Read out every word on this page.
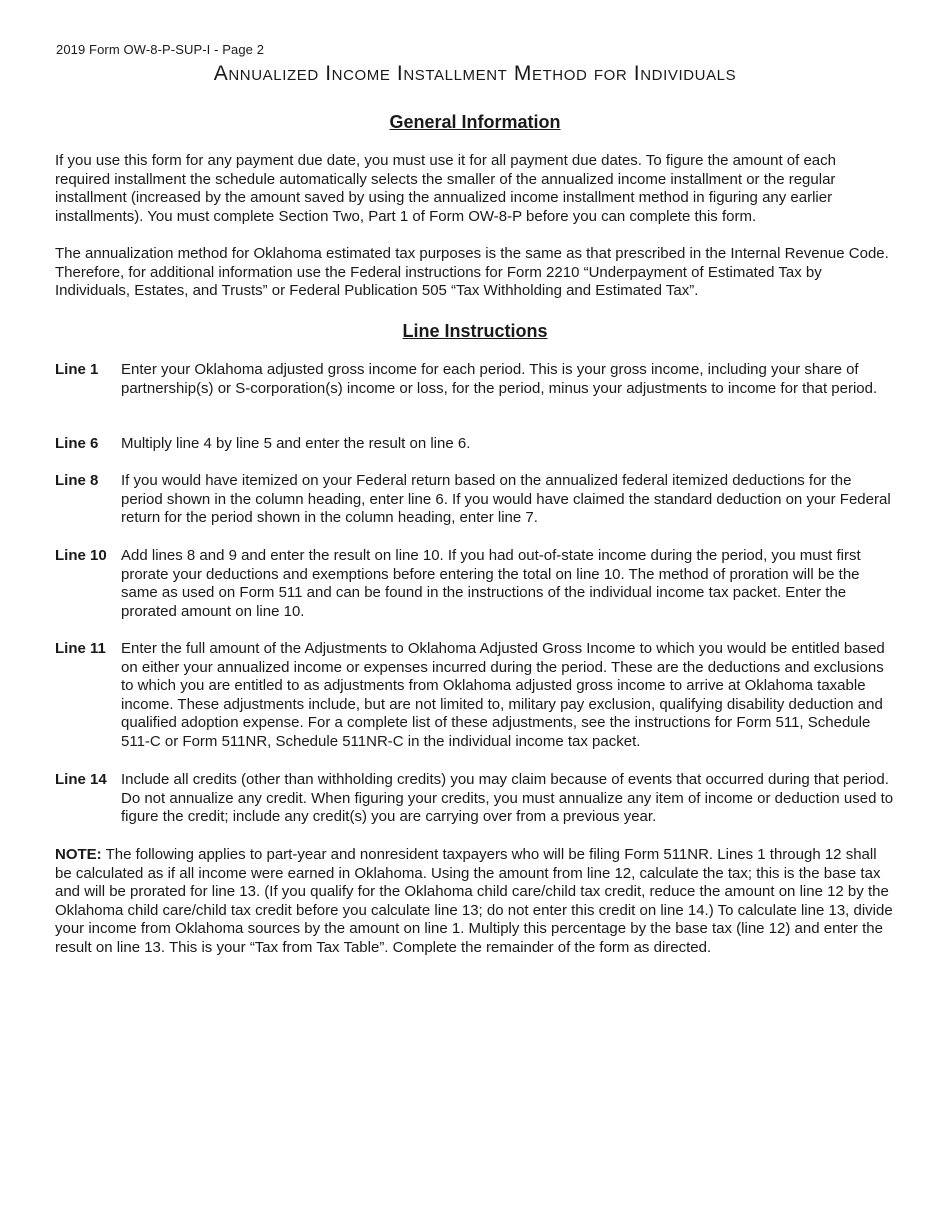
2019 Form OW-8-P-SUP-I - Page 2
Annualized Income Installment Method for Individuals
General Information

If you use this form for any payment due date, you must use it for all payment due dates. To figure the amount of each required installment the schedule automatically selects the smaller of the annualized income installment or the regular installment (increased by the amount saved by using the annualized income installment method in figuring any earlier installments). You must complete Section Two, Part 1 of Form OW-8-P before you can complete this form.

The annualization method for Oklahoma estimated tax purposes is the same as that prescribed in the Internal Revenue Code. Therefore, for additional information use the Federal instructions for Form 2210 “Underpayment of Estimated Tax by Individuals, Estates, and Trusts” or Federal Publication 505 “Tax Withholding and Estimated Tax”.

Line Instructions
Line 1	Enter your Oklahoma adjusted gross income for each period. This is your gross income, including your share of partnership(s) or S-corporation(s) income or loss, for the period, minus your adjustments to income for that period.

Line 6	Multiply line 4 by line 5 and enter the result on line 6.

Line 8	If you would have itemized on your Federal return based on the annualized federal itemized deductions for the period shown in the column heading, enter line 6. If you would have claimed the standard deduction on your Federal return for the period shown in the column heading, enter line 7.

Line 10 Add lines 8 and 9 and enter the result on line 10. If you had out-of-state income during the period, you must first prorate your deductions and exemptions before entering the total on line 10. The method of proration will be the same as used on Form 511 and can be found in the instructions of the individual income tax packet. Enter the prorated amount on line 10.

Line 11	Enter the full amount of the Adjustments to Oklahoma Adjusted Gross Income to which you would be entitled based on either your annualized income or expenses incurred during the period. These are the deductions and exclusions to which you are entitled to as adjustments from Oklahoma adjusted gross income to arrive at Oklahoma taxable income. These adjustments include, but are not limited to, military pay exclusion, qualifying disability deduction and qualified adoption expense. For a complete list of these adjustments, see the instructions for Form 511, Schedule 511-C or Form 511NR, Schedule 511NR-C in the individual income tax packet.

Line 14 Include all credits (other than withholding credits) you may claim because of events that occurred during that period. Do not annualize any credit. When figuring your credits, you must annualize any item of income or deduction used to figure the credit; include any credit(s) you are carrying over from a previous year.

NOTE: The following applies to part-year and nonresident taxpayers who will be filing Form 511NR. Lines 1 through 12 shall be calculated as if all income were earned in Oklahoma. Using the amount from line 12, calculate the tax; this is the base tax and will be prorated for line 13. (If you qualify for the Oklahoma child care/child tax credit, reduce the amount on line 12 by the Oklahoma child care/child tax credit before you calculate line 13; do not enter this credit on line 14.) To calculate line 13, divide your income from Oklahoma sources by the amount on line 1. Multiply this percentage by the base tax (line 12) and enter the result on line 13. This is your “Tax from Tax Table”. Complete the remainder of the form as directed.
